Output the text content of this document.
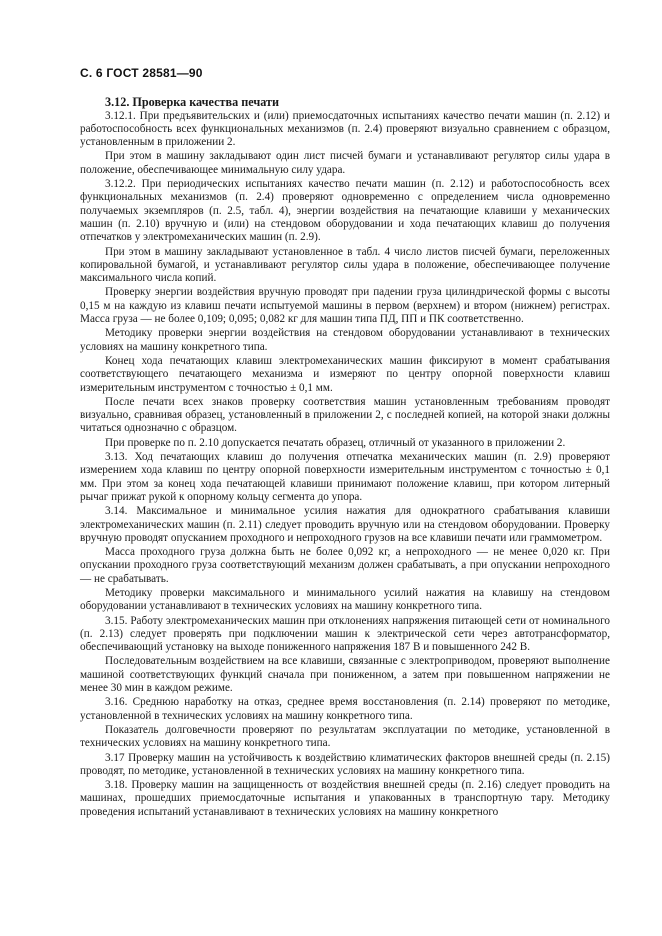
С. 6 ГОСТ 28581—90

3.12. Проверка качества печати

3.12.1. При предъявительских и (или) приемосдаточных испытаниях качество печати машин (п. 2.12) и работоспособность всех функциональных механизмов (п. 2.4) проверяют визуально сравнением с образцом, установленным в приложении 2.

При этом в машину закладывают один лист писчей бумаги и устанавливают регулятор силы удара в положение, обеспечивающее минимальную силу удара.

3.12.2. При периодических испытаниях качество печати машин (п. 2.12) и работоспособность всех функциональных механизмов (п. 2.4) проверяют одновременно с определением числа одновременно получаемых экземпляров (п. 2.5, табл. 4), энергии воздействия на печатающие клавиши у механических машин (п. 2.10) вручную и (или) на стендовом оборудовании и хода печатающих клавиш до получения отпечатков у электромеханических машин (п. 2.9).

При этом в машину закладывают установленное в табл. 4 число листов писчей бумаги, переложенных копировальной бумагой, и устанавливают регулятор силы удара в положение, обеспечивающее получение максимального числа копий.

Проверку энергии воздействия вручную проводят при падении груза цилиндрической формы с высоты 0,15 м на каждую из клавиш печати испытуемой машины в первом (верхнем) и втором (нижнем) регистрах. Масса груза — не более 0,109; 0,095; 0,082 кг для машин типа ПД, ПП и ПК соответственно.

Методику проверки энергии воздействия на стендовом оборудовании устанавливают в технических условиях на машину конкретного типа.

Конец хода печатающих клавиш электромеханических машин фиксируют в момент срабатывания соответствующего печатающего механизма и измеряют по центру опорной поверхности клавиш измерительным инструментом с точностью ± 0,1 мм.

После печати всех знаков проверку соответствия машин установленным требованиям проводят визуально, сравнивая образец, установленный в приложении 2, с последней копией, на которой знаки должны читаться однозначно с образцом.

При проверке по п. 2.10 допускается печатать образец, отличный от указанного в приложении 2.

3.13. Ход печатающих клавиш до получения отпечатка механических машин (п. 2.9) проверяют измерением хода клавиш по центру опорной поверхности измерительным инструментом с точностью ± 0,1 мм. При этом за конец хода печатающей клавиши принимают положение клавиш, при котором литерный рычаг прижат рукой к опорному кольцу сегмента до упора.

3.14. Максимальное и минимальное усилия нажатия для однократного срабатывания клавиши электромеханических машин (п. 2.11) следует проводить вручную или на стендовом оборудовании. Проверку вручную проводят опусканием проходного и непроходного грузов на все клавиши печати или граммометром.

Масса проходного груза должна быть не более 0,092 кг, а непроходного — не менее 0,020 кг. При опускании проходного груза соответствующий механизм должен срабатывать, а при опускании непроходного — не срабатывать.

Методику проверки максимального и минимального усилий нажатия на клавишу на стендовом оборудовании устанавливают в технических условиях на машину конкретного типа.

3.15. Работу электромеханических машин при отклонениях напряжения питающей сети от номинального (п. 2.13) следует проверять при подключении машин к электрической сети через автотрансформатор, обеспечивающий установку на выходе пониженного напряжения 187 В и повышенного 242 В.

Последовательным воздействием на все клавиши, связанные с электроприводом, проверяют выполнение машиной соответствующих функций сначала при пониженном, а затем при повышенном напряжении не менее 30 мин в каждом режиме.

3.16. Среднюю наработку на отказ, среднее время восстановления (п. 2.14) проверяют по методике, установленной в технических условиях на машину конкретного типа.

Показатель долговечности проверяют по результатам эксплуатации по методике, установленной в технических условиях на машину конкретного типа.

3.17 Проверку машин на устойчивость к воздействию климатических факторов внешней среды (п. 2.15) проводят, по методике, установленной в технических условиях на машину конкретного типа.

3.18. Проверку машин на защищенность от воздействия внешней среды (п. 2.16) следует проводить на машинах, прошедших приемосдаточные испытания и упакованных в транспортную тару. Методику проведения испытаний устанавливают в технических условиях на машину конкретного
